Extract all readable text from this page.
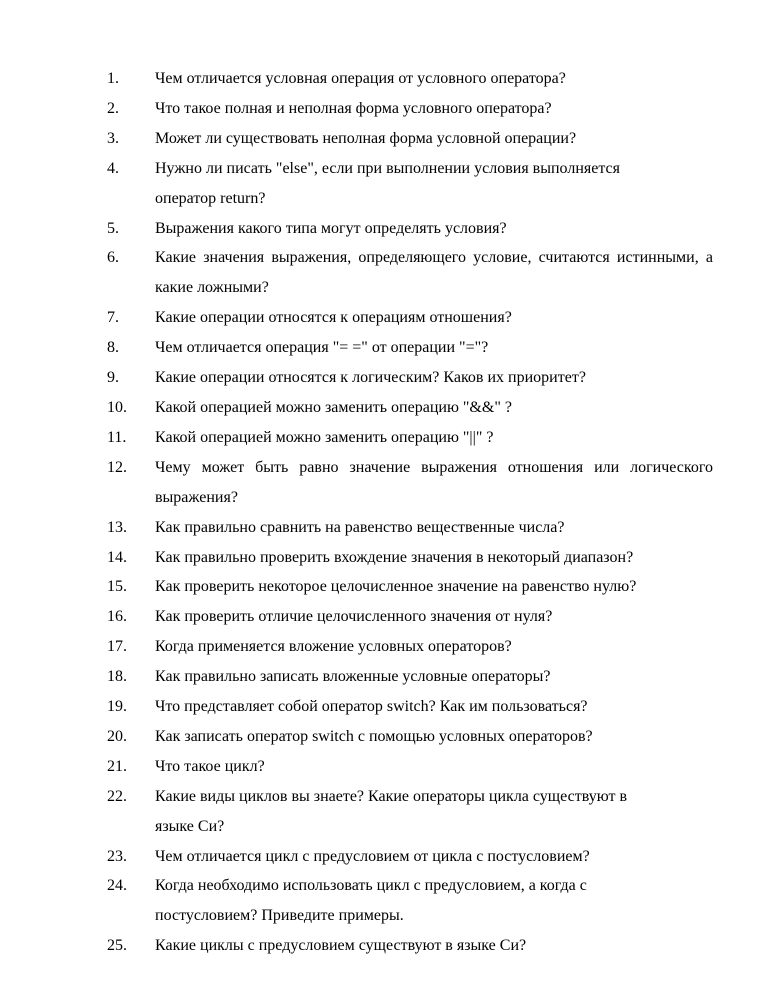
1. Чем отличается условная операция от условного оператора?
2. Что такое полная и неполная форма условного оператора?
3. Может ли существовать неполная форма условной операции?
4. Нужно ли писать "else", если при выполнении условия выполняется
оператор return?
5. Выражения какого типа могут определять условия?
6. Какие значения выражения, определяющего условие, считаются истинными, а какие ложными?
7. Какие операции относятся к операциям отношения?
8. Чем отличается операция "= =" от операции "="?
9. Какие операции относятся к логическим? Каков их приоритет?
10. Какой операцией можно заменить операцию "&&" ?
11. Какой операцией можно заменить операцию "||" ?
12. Чему может быть равно значение выражения отношения или логического выражения?
13. Как правильно сравнить на равенство вещественные числа?
14. Как правильно проверить вхождение значения в некоторый диапазон?
15. Как проверить некоторое целочисленное значение на равенство нулю?
16. Как проверить отличие целочисленного значения от нуля?
17. Когда применяется вложение условных операторов?
18. Как правильно записать вложенные условные операторы?
19. Что представляет собой оператор switch? Как им пользоваться?
20. Как записать оператор switch с помощью условных операторов?
21. Что такое цикл?
22. Какие виды циклов вы знаете? Какие операторы цикла существуют в
языке Си?
23. Чем отличается цикл с предусловием от цикла с постусловием?
24. Когда необходимо использовать цикл с предусловием, а когда с
постусловием? Приведите примеры.
25. Какие циклы с предусловием существуют в языке Си?
